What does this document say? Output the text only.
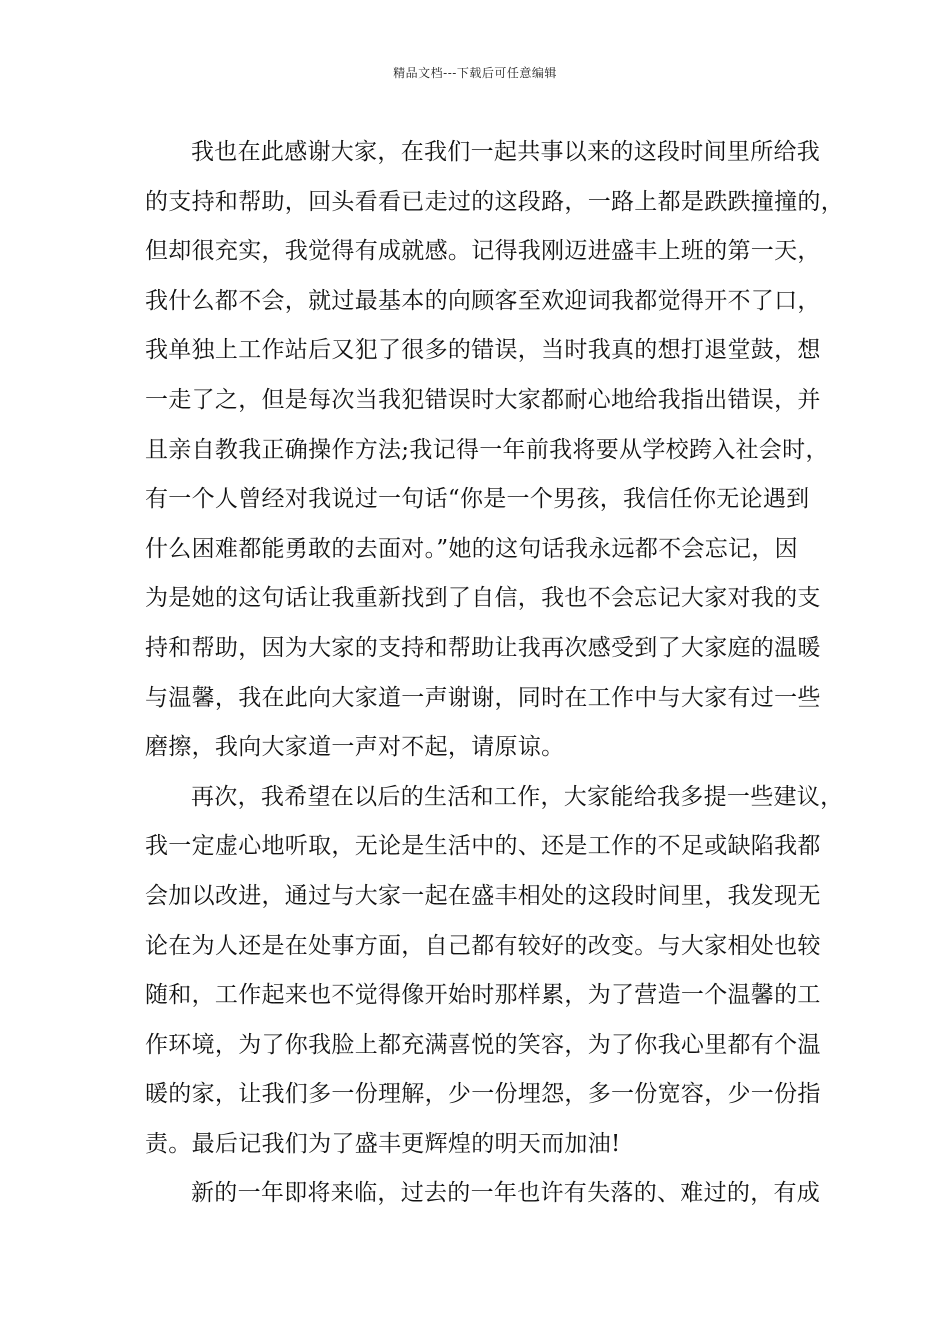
精品文档---下载后可任意编辑
我也在此感谢大家，在我们一起共事以来的这段时间里所给我
的支持和帮助，回头看看已走过的这段路，一路上都是跌跌撞撞的，
但却很充实，我觉得有成就感。记得我刚迈进盛丰上班的第一天，
我什么都不会，就过最基本的向顾客至欢迎词我都觉得开不了口，
我单独上工作站后又犯了很多的错误，当时我真的想打退堂鼓，想
一走了之，但是每次当我犯错误时大家都耐心地给我指出错误，并
且亲自教我正确操作方法;我记得一年前我将要从学校跨入社会时，
有一个人曾经对我说过一句话“你是一个男孩，我信任你无论遇到
什么困难都能勇敢的去面对。”她的这句话我永远都不会忘记，因
为是她的这句话让我重新找到了自信，我也不会忘记大家对我的支
持和帮助，因为大家的支持和帮助让我再次感受到了大家庭的温暖
与温馨，我在此向大家道一声谢谢，同时在工作中与大家有过一些
磨擦，我向大家道一声对不起，请原谅。
再次，我希望在以后的生活和工作，大家能给我多提一些建议，
我一定虚心地听取，无论是生活中的、还是工作的不足或缺陷我都
会加以改进，通过与大家一起在盛丰相处的这段时间里，我发现无
论在为人还是在处事方面，自己都有较好的改变。与大家相处也较
随和，工作起来也不觉得像开始时那样累，为了营造一个温馨的工
作环境，为了你我脸上都充满喜悦的笑容，为了你我心里都有个温
暖的家，让我们多一份理解，少一份埋怨，多一份宽容，少一份指
责。最后记我们为了盛丰更辉煌的明天而加油!
新的一年即将来临，过去的一年也许有失落的、难过的，有成
